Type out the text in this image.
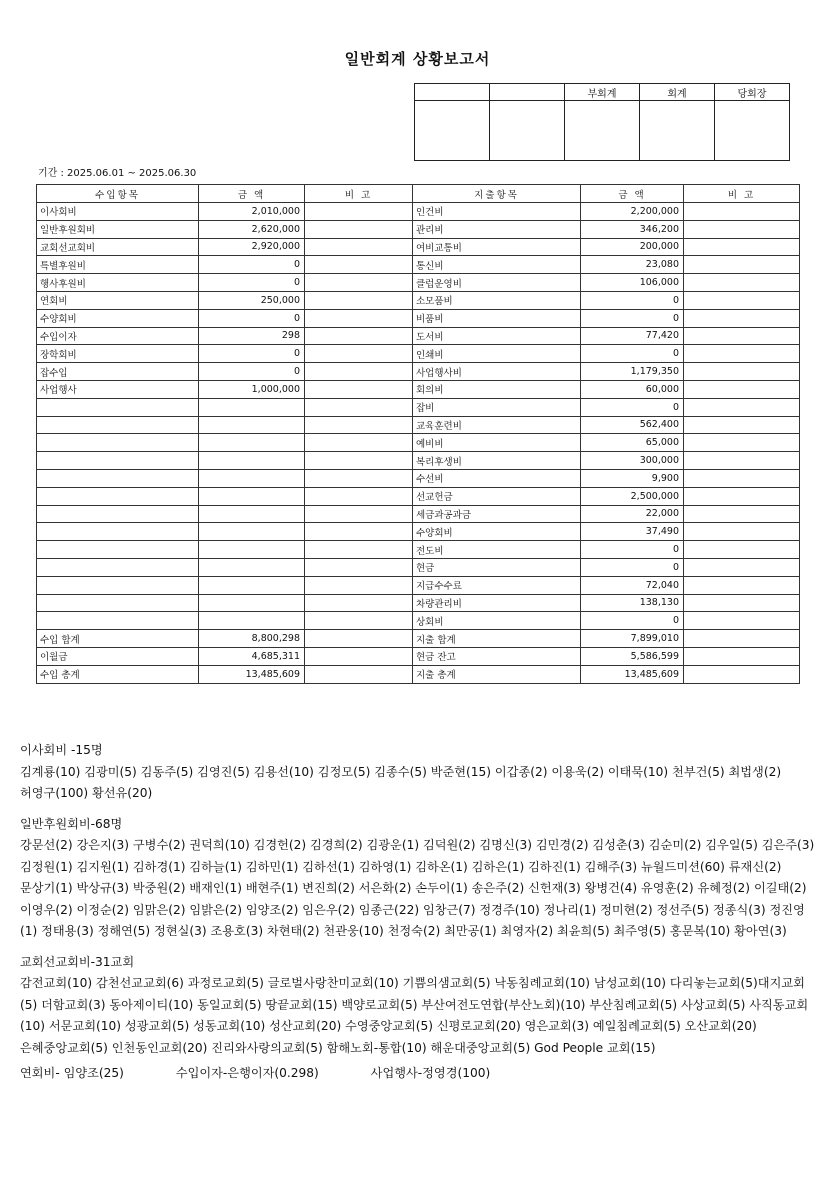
일반회계 상황보고서
		부회계	회계	당회장

기간 : 2025.06.01 ~ 2025.06.30
수입항목	금 액	비 고	지출항목	금 액	비 고
이사회비	2,010,000		인건비	2,200,000	
일반후원회비	2,620,000		관리비	346,200	
교회선교회비	2,920,000		여비교통비	200,000	
특별후원비	0		통신비	23,080	
행사후원비	0		클럽운영비	106,000	
연회비	250,000		소모품비	0	
수양회비	0		비품비	0	
수입이자	298		도서비	77,420	
장학회비	0		인쇄비	0	
잡수입	0		사업행사비	1,179,350	
사업행사	1,000,000		회의비	60,000	
			잡비	0	
			교육훈련비	562,400	
			예비비	65,000	
			복리후생비	300,000	
			수선비	9,900	
			선교헌금	2,500,000	
			세금과공과금	22,000	
			수양회비	37,490	
			전도비	0	
			현금	0	
			지급수수료	72,040	
			차량관리비	138,130	
			상회비	0	
수입 합계	8,800,298		지출 합계	7,899,010	
이월금	4,685,311		현금 잔고	5,586,599	
수입 총계	13,485,609		지출 총계	13,485,609	
이사회비 -15명
김계룡(10) 김광미(5) 김동주(5) 김영진(5) 김용선(10) 김정모(5) 김종수(5) 박준현(15) 이갑종(2) 이용욱(2) 이태묵(10) 천부건(5) 최법생(2) 허영구(100) 황선유(20)
일반후원회비-68명
강문선(2) 강은지(3) 구병수(2) 권덕희(10) 김경헌(2) 김경희(2) 김광운(1) 김덕원(2) 김명신(3) 김민경(2) 김성춘(3) 김순미(2) 김우일(5) 김은주(3) 김정원(1) 김지원(1) 김하경(1) 김하늘(1) 김하민(1) 김하선(1) 김하영(1) 김하온(1) 김하은(1) 김하진(1) 김해주(3) 뉴월드미션(60) 류재신(2) 문상기(1) 박상규(3) 박중원(2) 배재인(1) 배현주(1) 변진희(2) 서은화(2) 손두이(1) 송은주(2) 신헌재(3) 왕병건(4) 유영훈(2) 유혜정(2) 이길태(2) 이영우(2) 이정순(2) 임맑은(2) 임밝은(2) 임양조(2) 임은우(2) 임종근(22) 임창근(7) 정경주(10) 정나리(1) 정미현(2) 정선주(5) 정종식(3) 정진영(1) 정태용(3) 정해연(5) 정현실(3) 조용호(3) 차현태(2) 천관웅(10) 천정숙(2) 최만공(1) 최영자(2) 최윤희(5) 최주영(5) 홍문복(10) 황아연(3)
교회선교회비-31교회
감전교회(10) 감천선교교회(6) 과정로교회(5) 글로벌사랑찬미교회(10) 기쁨의샘교회(5) 낙동침례교회(10) 남성교회(10) 다리놓는교회(5)대지교회(5) 더함교회(3) 동아제이티(10) 동일교회(5) 땅끝교회(15) 백양로교회(5) 부산여전도연합(부산노회)(10) 부산침례교회(5) 사상교회(5) 사직동교회(10) 서문교회(10) 성광교회(5) 성동교회(10) 성산교회(20) 수영중앙교회(5) 신평로교회(20) 영은교회(3) 예일침례교회(5) 오산교회(20) 은혜중앙교회(5) 인천동인교회(20) 진리와사랑의교회(5) 함해노회-통합(10) 해운대중앙교회(5) God People 교회(15)
연회비- 임양조(25)	수입이자-은행이자(0.298)	사업행사-정영경(100)
